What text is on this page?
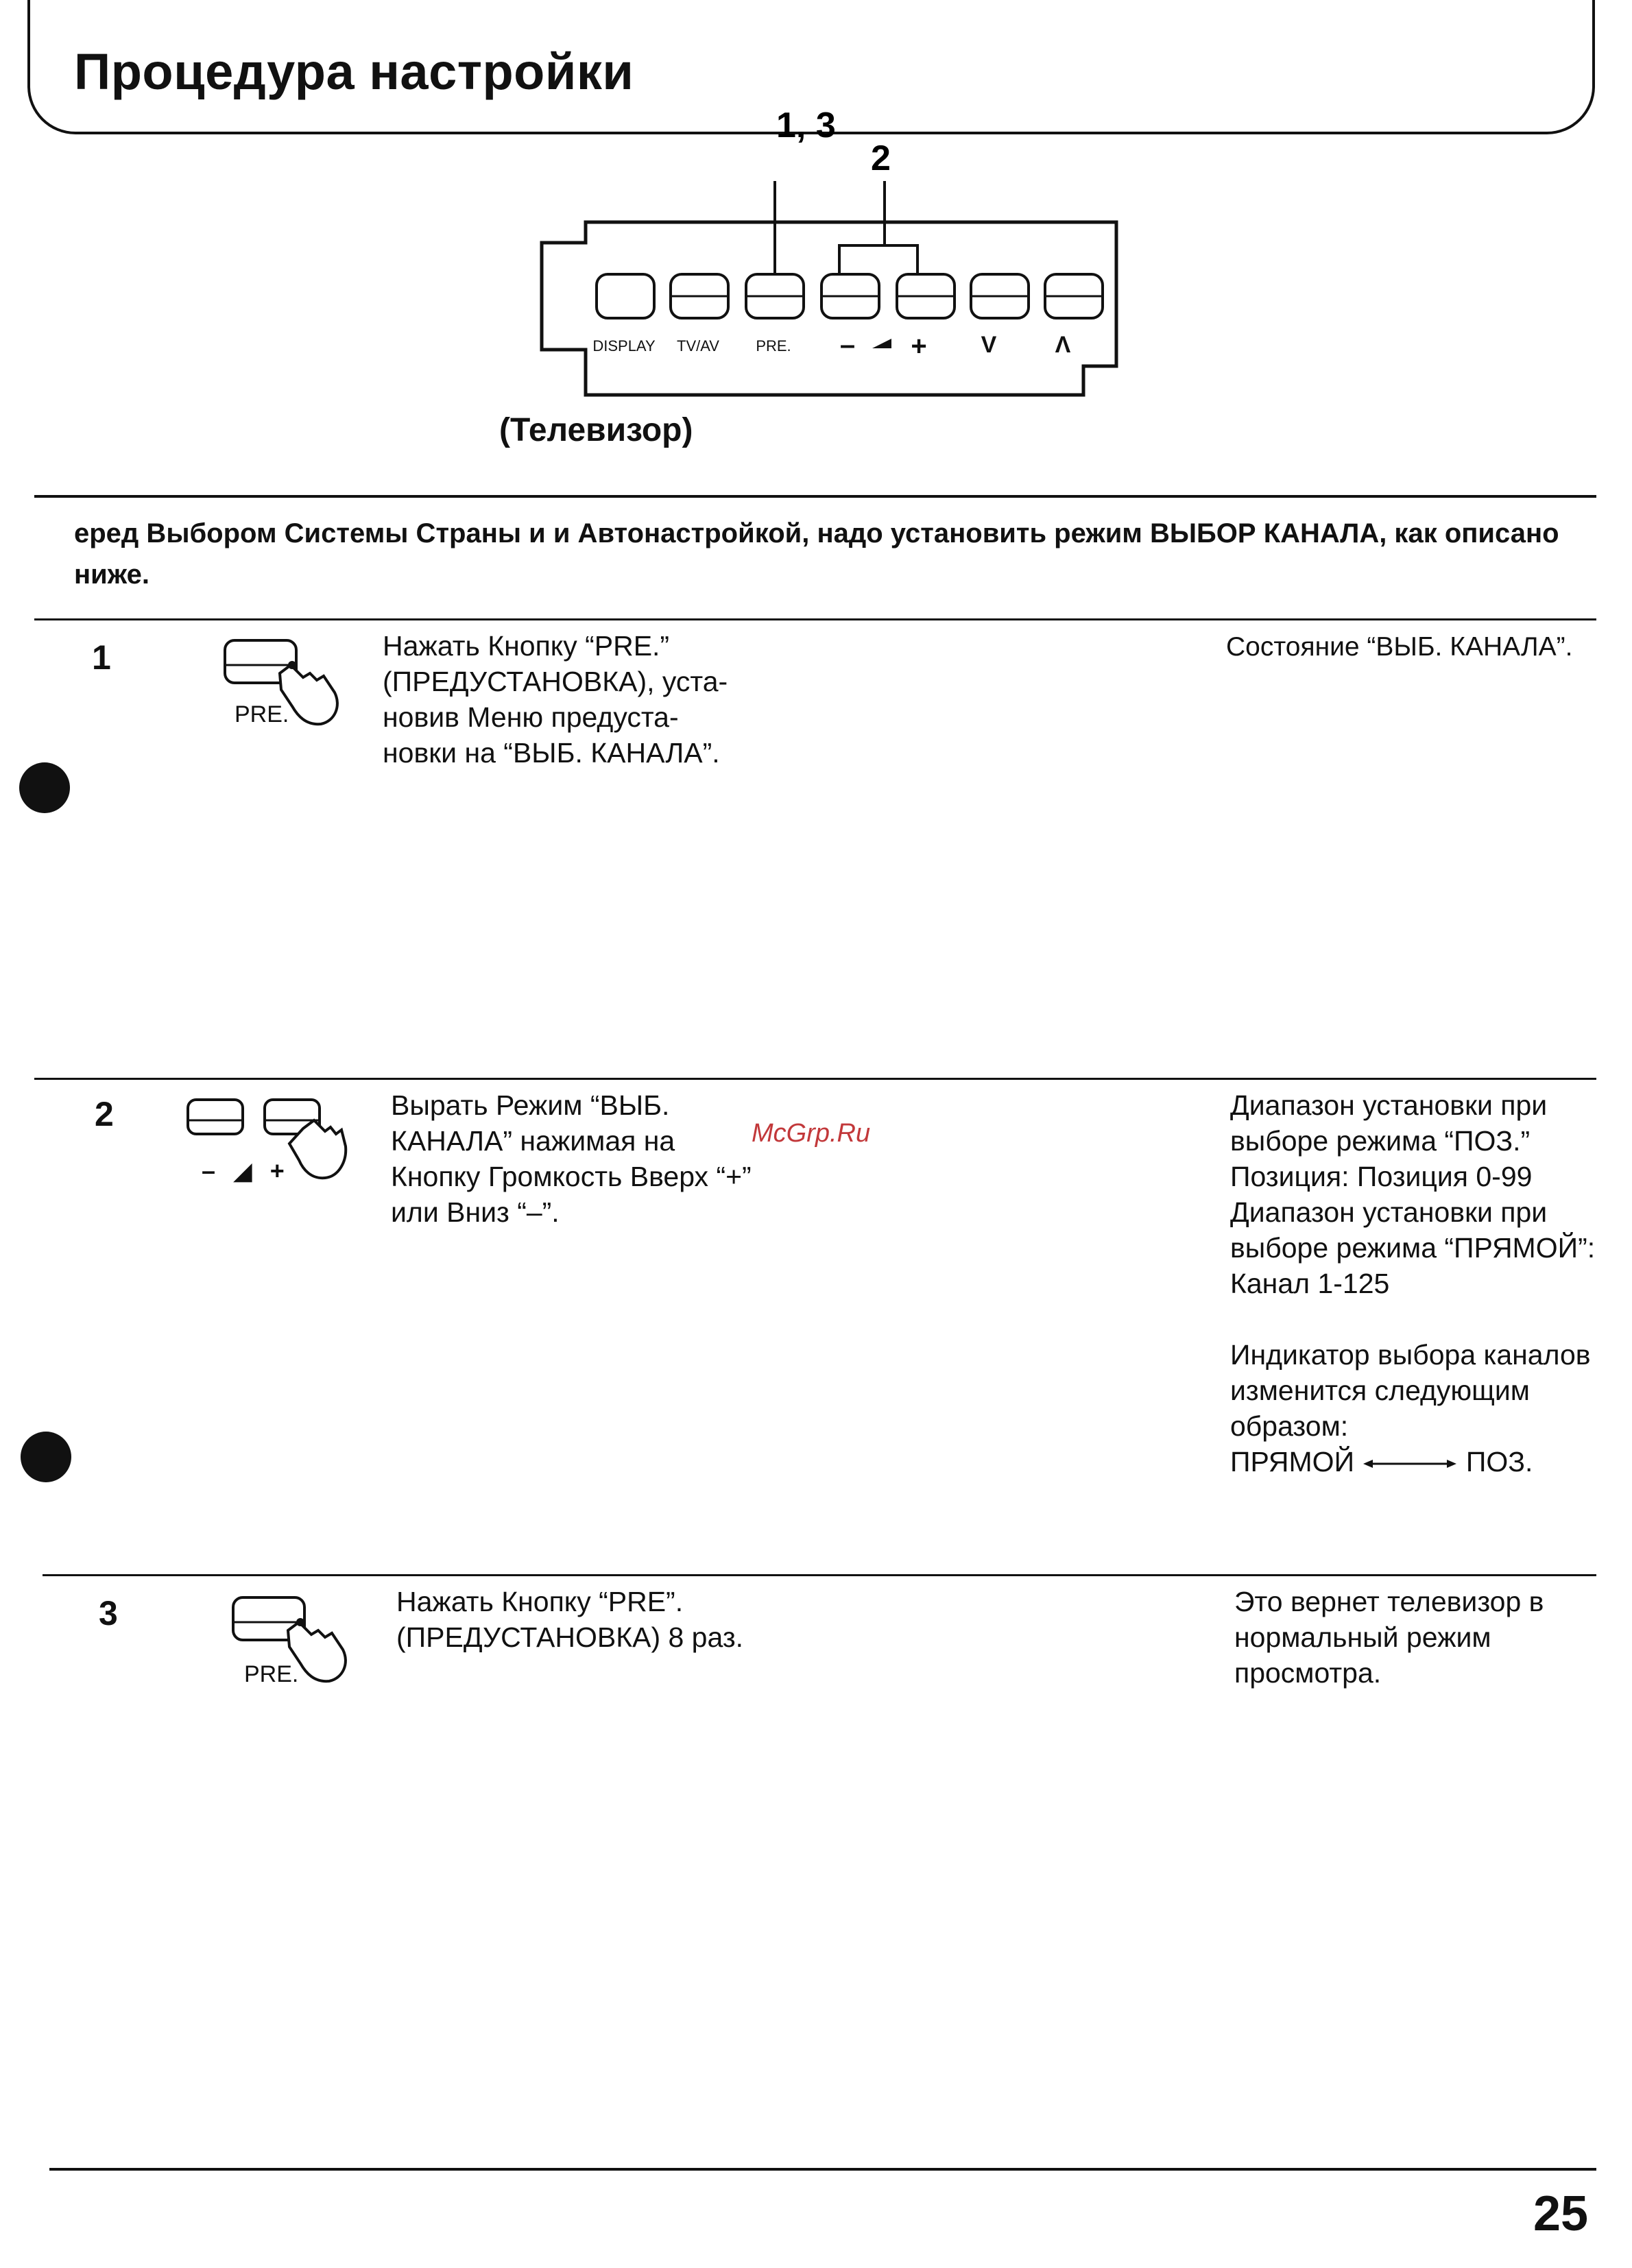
Процедура настройки
1, 3
2
DISPLAY TV/AV PRE. – + V	Λ
(Телевизор)
еред Выбором Системы Страны и и Автонастройкой, надо установить режим ВЫБОР КАНАЛА, как описано ниже.
1
PRE.
Нажать Кнопку “PRE.”
(ПРЕДУСТАНОВКА), уста-
новив Меню предуста-
новки на “ВЫБ. КАНАЛА”.
Состояние “ВЫБ. КАНАЛА”.
2
– ◢ +
Вырать Режим “ВЫБ.
КАНАЛА” нажимая на
Кнопку Громкость Вверх “+”
или Вниз “–”.
Диапазон установки при
выборе режима “ПОЗ.”
Позиция: Позиция 0-99
Диапазон установки при
выборе режима “ПРЯМОЙ”:
Канал 1-125
Индикатор выбора каналов
изменится следующим
образом:
ПРЯМОЙ	ПОЗ.
McGrp.Ru
3
PRE.
Нажать Кнопку “PRE”.
(ПРЕДУСТАНОВКА) 8 раз.
Это вернет телевизор в
нормальный режим
просмотра.
25
